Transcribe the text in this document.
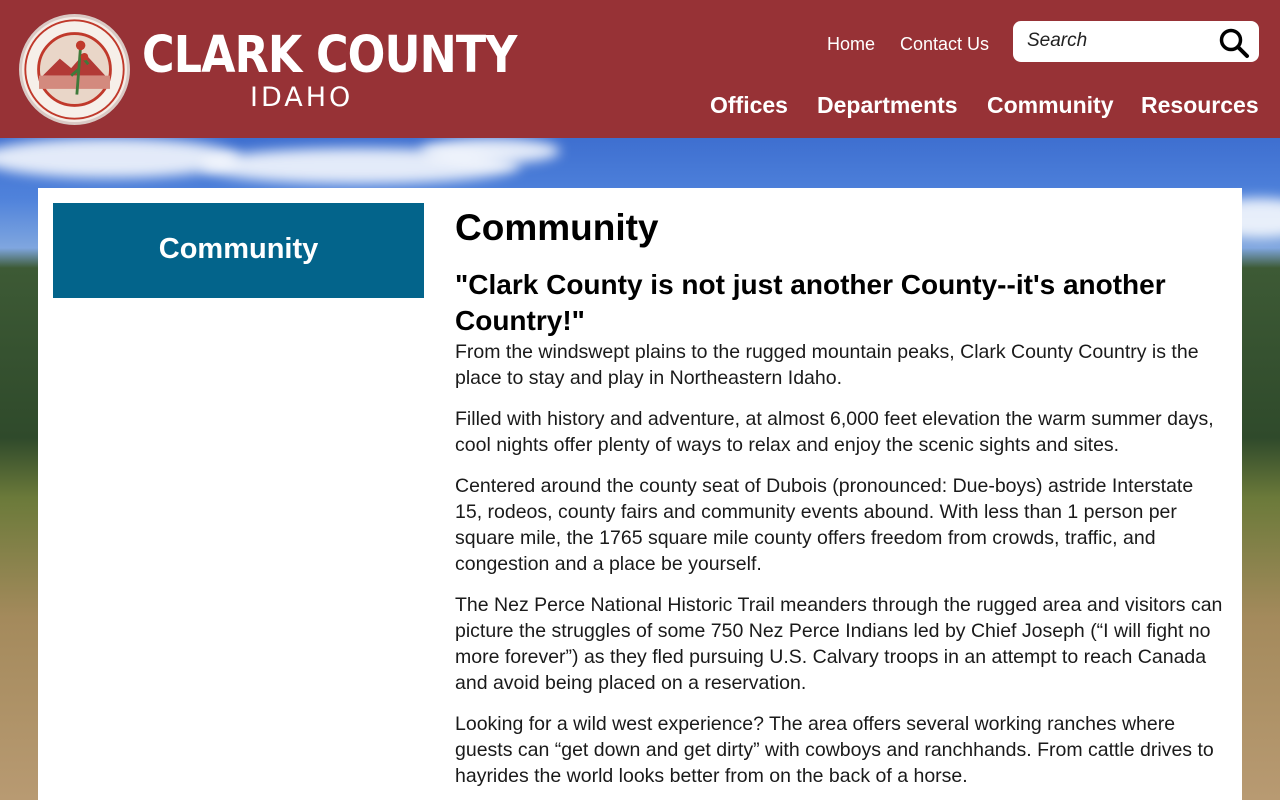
CLARK COUNTY
IDAHO
Home Contact Us
Search
Offices Departments Community Resources
Community
Community
"Clark County is not just another County--it's another Country!"

From the windswept plains to the rugged mountain peaks, Clark County Country is the place to stay and play in Northeastern Idaho.

Filled with history and adventure, at almost 6,000 feet elevation the warm summer days, cool nights offer plenty of ways to relax and enjoy the scenic sights and sites.

Centered around the county seat of Dubois (pronounced: Due-boys) astride Interstate 15, rodeos, county fairs and community events abound. With less than 1 person per square mile, the 1765 square mile county offers freedom from crowds, traffic, and congestion and a place be yourself.

The Nez Perce National Historic Trail meanders through the rugged area and visitors can picture the struggles of some 750 Nez Perce Indians led by Chief Joseph (“I will fight no more forever”) as they fled pursuing U.S. Calvary troops in an attempt to reach Canada and avoid being placed on a reservation.

Looking for a wild west experience? The area offers several working ranches where guests can “get down and get dirty” with cowboys and ranchhands. From cattle drives to hayrides the world looks better from on the back of a horse.
